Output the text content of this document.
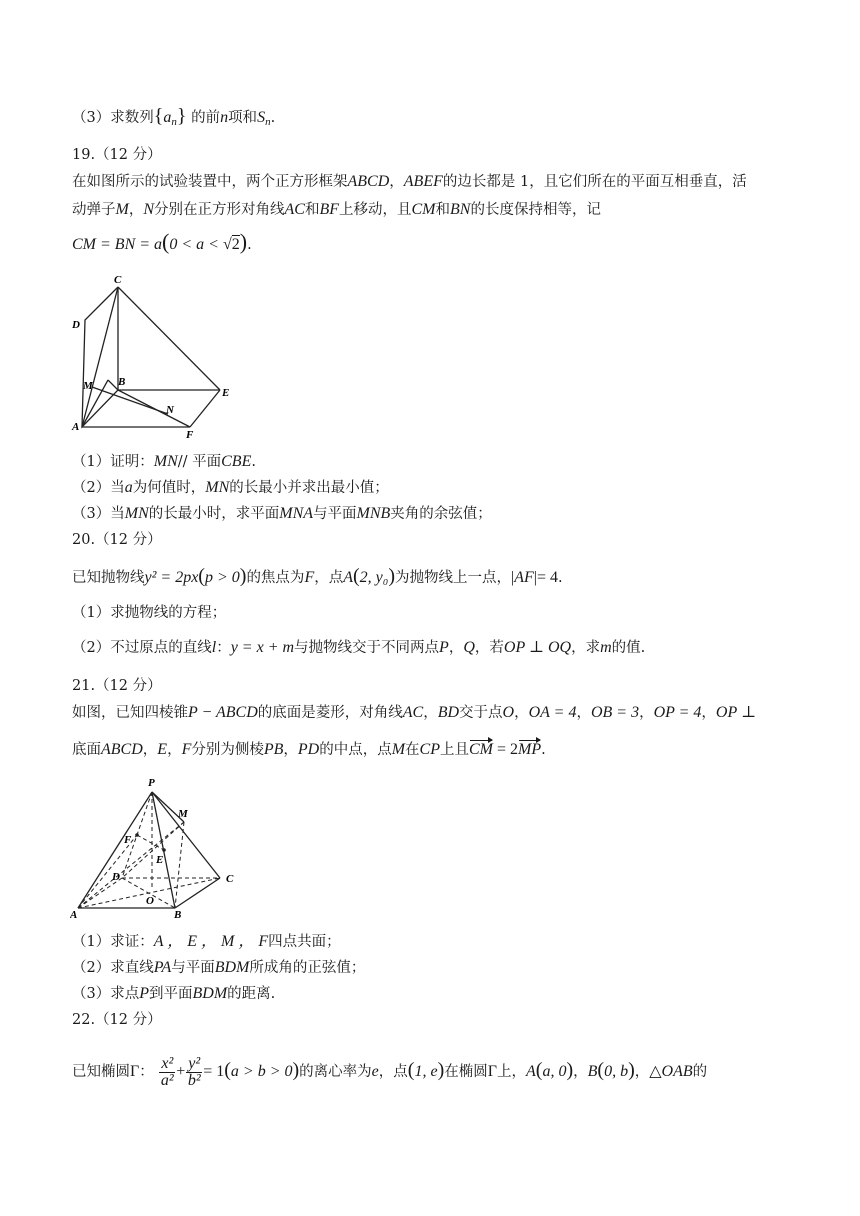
（3）求数列$\{a_n\}$ 的前n项和$S_n$.
19.（12 分）
在如图所示的试验装置中，两个正方形框架ABCD，ABEF的边长都是 1，且它们所在的平面互相垂直，活
动弹子M，N分别在正方形对角线AC和BF上移动，且CM和BN的长度保持相等，记
CM = BN = a(0 < a < √2).
C
D
M B
E
N
A
F
（1）证明：MN// 平面CBE.
（2）当a为何值时，MN的长最小并求出最小值；
（3）当MN的长最小时，求平面MNA与平面MNB夹角的余弦值；
20.（12 分）
已知抛物线y² = 2px(p > 0)的焦点为F，点A(2, y₀)为抛物线上一点，|AF|= 4.
（1）求抛物线的方程；
（2）不过原点的直线l：y = x + m与抛物线交于不同两点P，Q，若OP ⊥ OQ，求m的值.
21.（12 分）
如图，已知四棱锥P − ABCD的底面是菱形，对角线AC，BD交于点O，OA = 4，OB = 3，OP = 4，OP ⊥
底面ABCD，E，F分别为侧棱PB，PD的中点，点M在CP上且CM = 2MP.
P
M
F
E
D	C
O
A	B
（1）求证：A ， E ， M ， F四点共面；
（2）求直线PA与平面BDM所成角的正弦值；
（3）求点P到平面BDM的距离.
22.（12 分）
已知椭圆Γ： $\frac{\text{x²}}{\text{a²}} + \frac{\text{y²}}{\text{b²}} = 1(a > b > 0)$的离心率为e，点(1, e)在椭圆Γ上，A(a, 0)，B(0, b)，△OAB的
